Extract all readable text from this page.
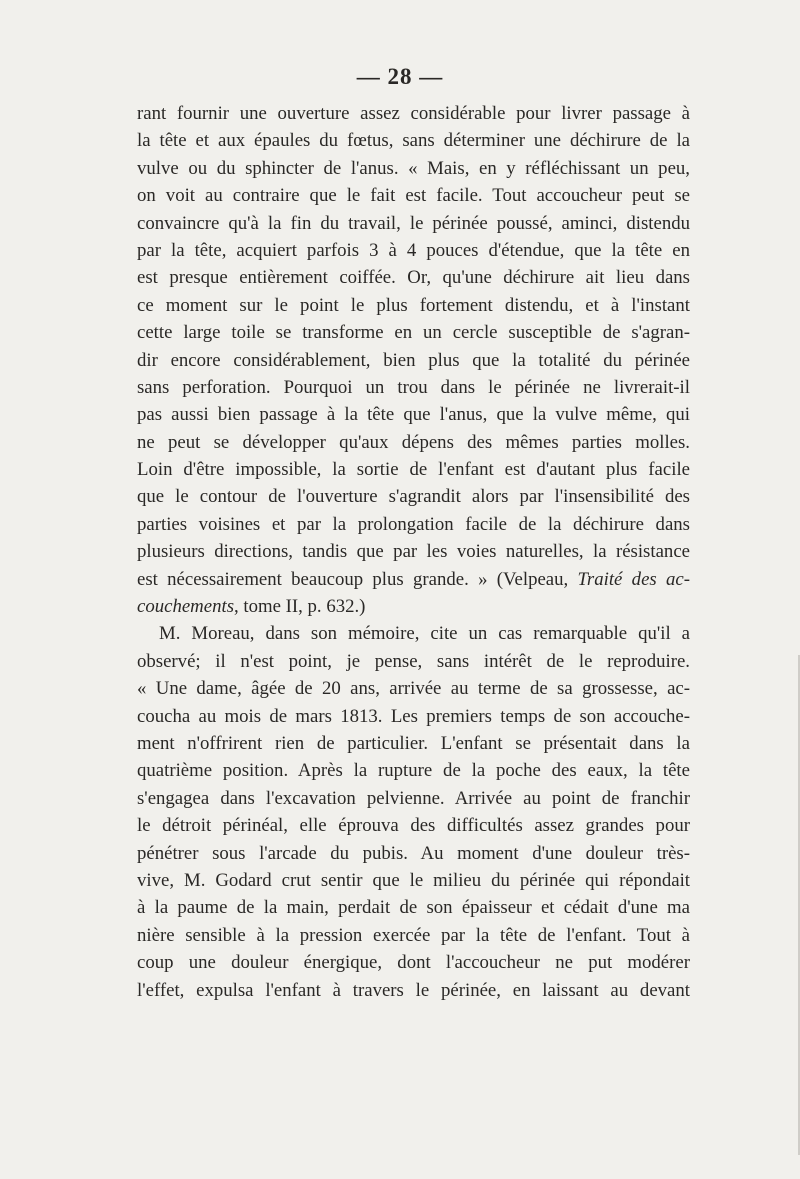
— 28 —
rant fournir une ouverture assez considérable pour livrer passage à
la tête et aux épaules du fœtus, sans déterminer une déchirure de la
vulve ou du sphincter de l'anus. « Mais, en y réfléchissant un peu,
on voit au contraire que le fait est facile. Tout accoucheur peut se
convaincre qu'à la fin du travail, le périnée poussé, aminci, distendu
par la tête, acquiert parfois 3 à 4 pouces d'étendue, que la tête en
est presque entièrement coiffée. Or, qu'une déchirure ait lieu dans
ce moment sur le point le plus fortement distendu, et à l'instant
cette large toile se transforme en un cercle susceptible de s'agran-
dir encore considérablement, bien plus que la totalité du périnée
sans perforation. Pourquoi un trou dans le périnée ne livrerait-il
pas aussi bien passage à la tête que l'anus, que la vulve même, qui
ne peut se développer qu'aux dépens des mêmes parties molles.
Loin d'être impossible, la sortie de l'enfant est d'autant plus facile
que le contour de l'ouverture s'agrandit alors par l'insensibilité des
parties voisines et par la prolongation facile de la déchirure dans
plusieurs directions, tandis que par les voies naturelles, la résistance
est nécessairement beaucoup plus grande. » (Velpeau, Traité des ac-
couchements, tome II, p. 632.)
M. Moreau, dans son mémoire, cite un cas remarquable qu'il a
observé; il n'est point, je pense, sans intérêt de le reproduire.
« Une dame, âgée de 20 ans, arrivée au terme de sa grossesse, ac-
coucha au mois de mars 1813. Les premiers temps de son accouche-
ment n'offrirent rien de particulier. L'enfant se présentait dans la
quatrième position. Après la rupture de la poche des eaux, la tête
s'engagea dans l'excavation pelvienne. Arrivée au point de franchir
le détroit périnéal, elle éprouva des difficultés assez grandes pour
pénétrer sous l'arcade du pubis. Au moment d'une douleur très-
vive, M. Godard crut sentir que le milieu du périnée qui répondait
à la paume de la main, perdait de son épaisseur et cédait d'une ma
nière sensible à la pression exercée par la tête de l'enfant. Tout à
coup une douleur énergique, dont l'accoucheur ne put modérer
l'effet, expulsa l'enfant à travers le périnée, en laissant au devant
